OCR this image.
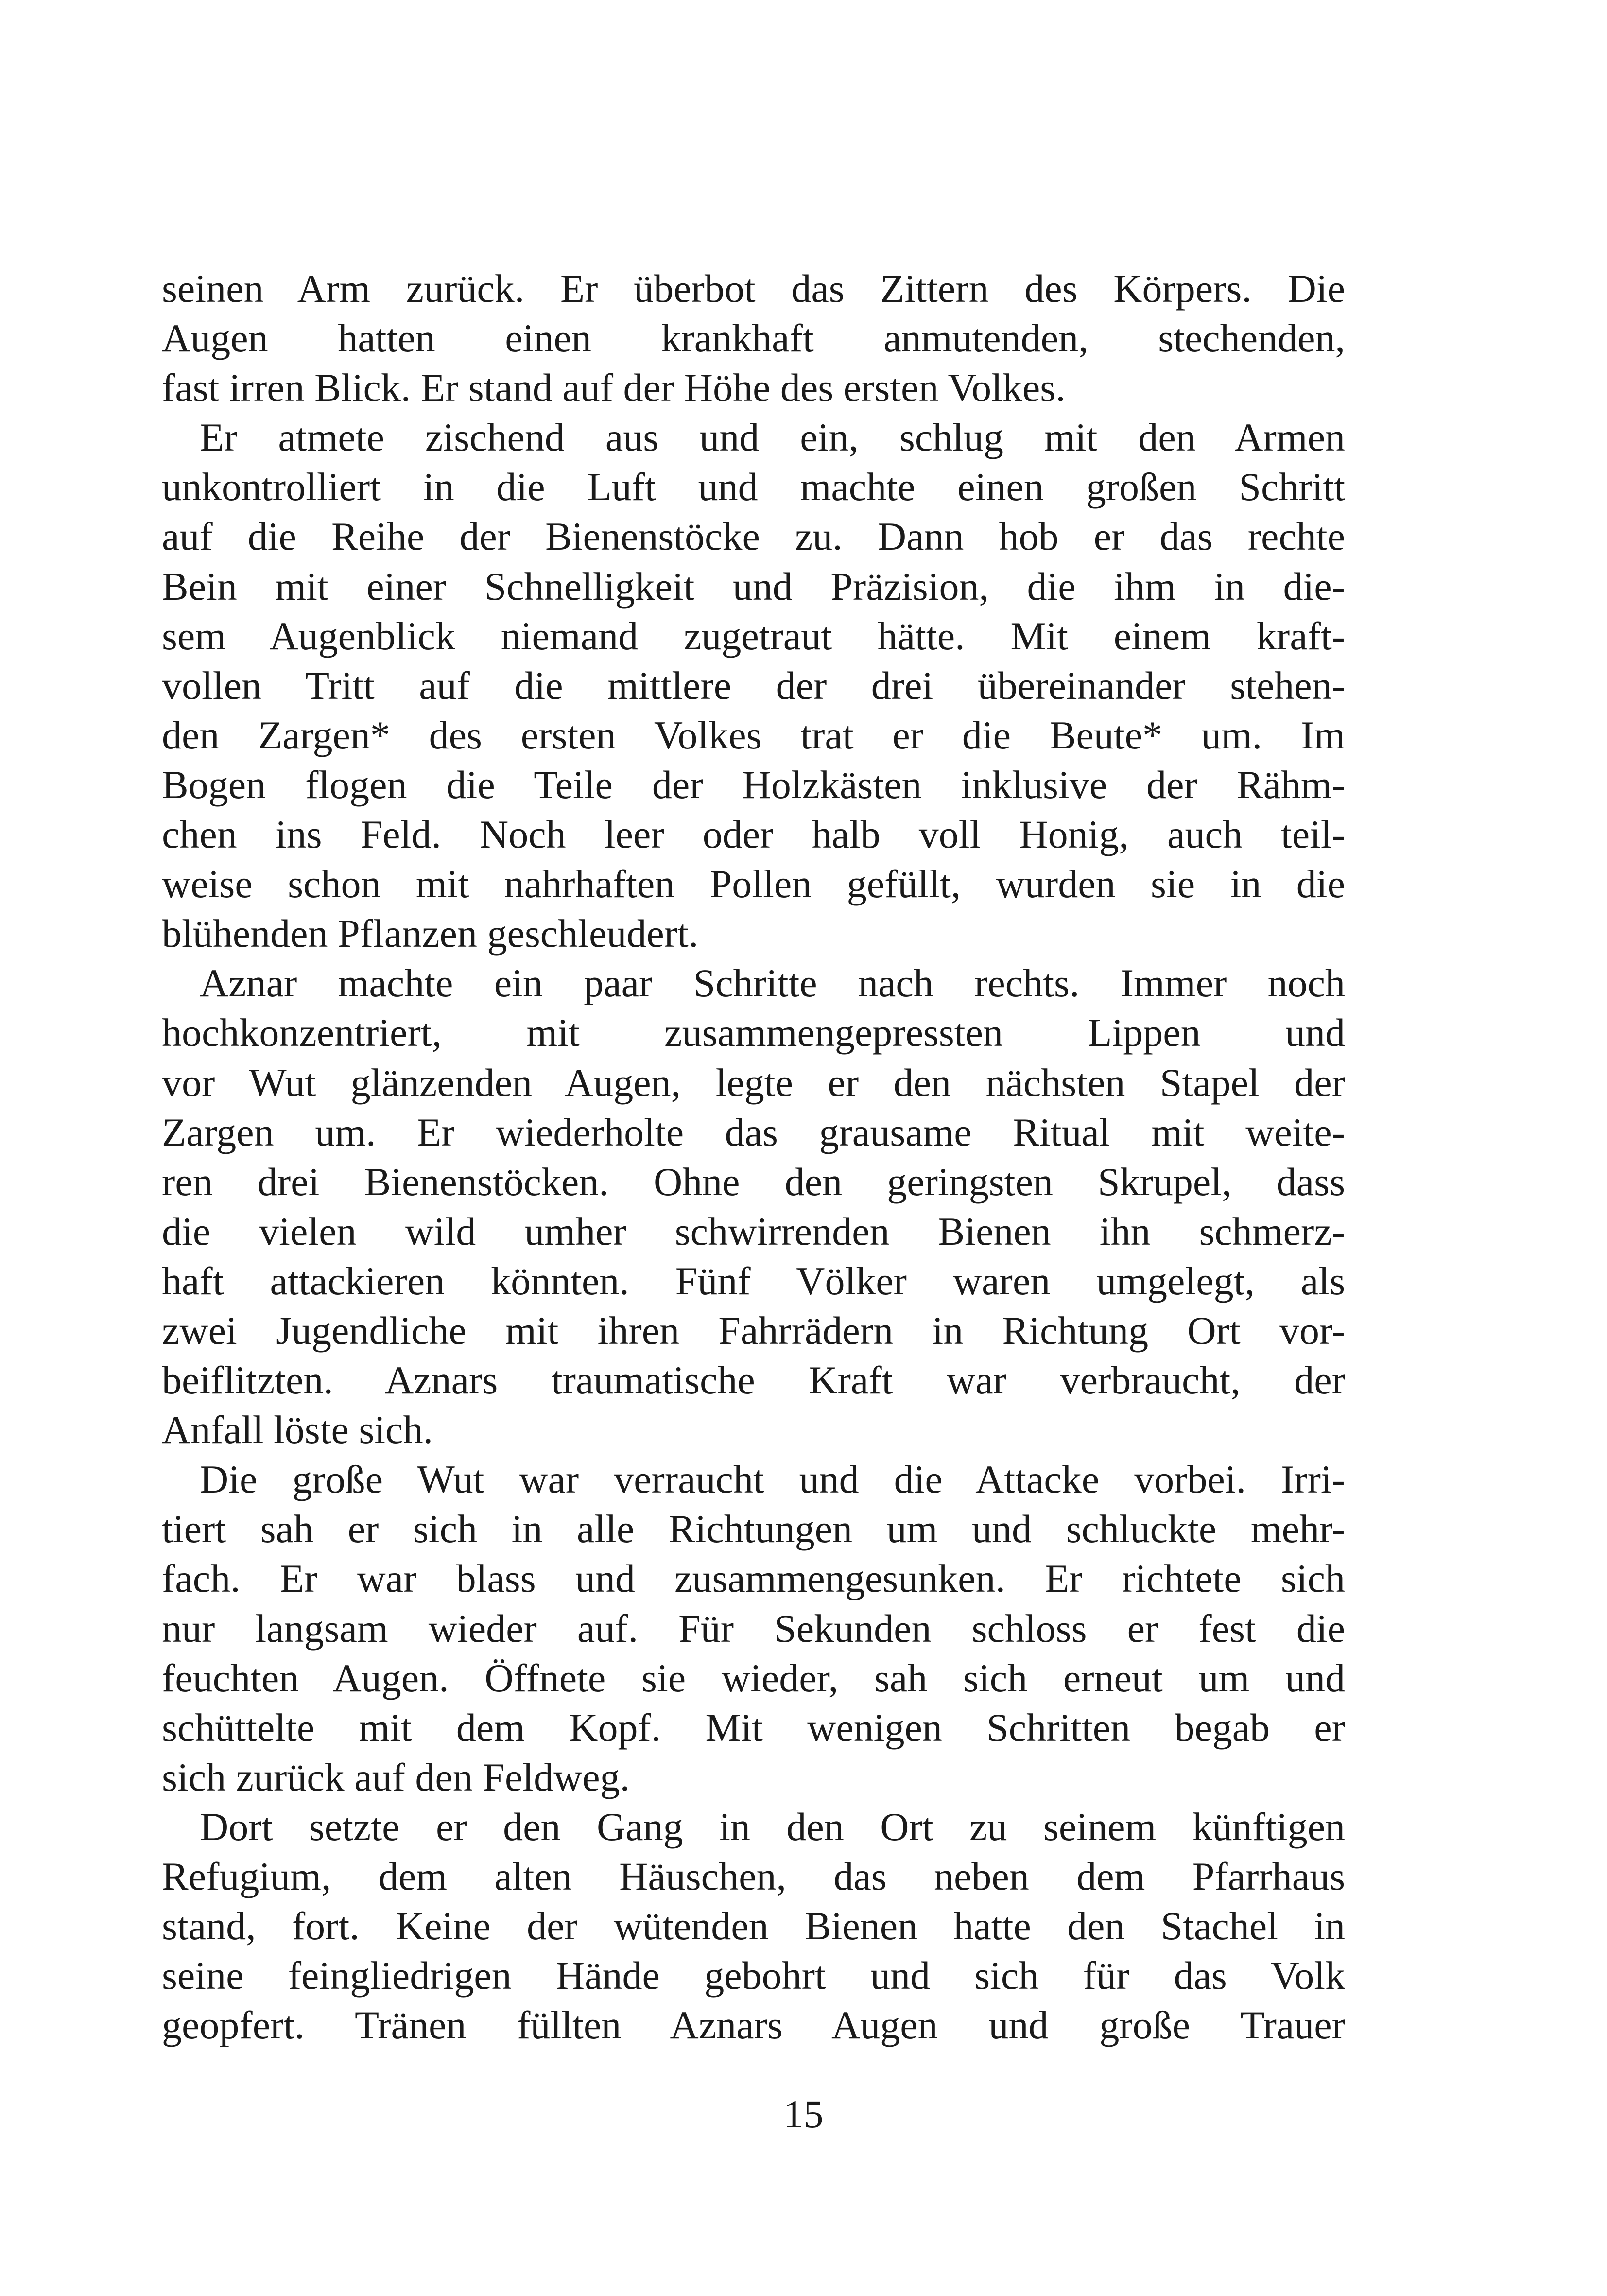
seinen Arm zurück. Er überbot das Zittern des Körpers. Die
Augen hatten einen krankhaft anmutenden, stechenden,
fast irren Blick. Er stand auf der Höhe des ersten Volkes.
Er atmete zischend aus und ein, schlug mit den Armen
unkontrolliert in die Luft und machte einen großen Schritt
auf die Reihe der Bienenstöcke zu. Dann hob er das rechte
Bein mit einer Schnelligkeit und Präzision, die ihm in die-
sem Augenblick niemand zugetraut hätte. Mit einem kraft-
vollen Tritt auf die mittlere der drei übereinander stehen-
den Zargen* des ersten Volkes trat er die Beute* um. Im
Bogen flogen die Teile der Holzkästen inklusive der Rähm-
chen ins Feld. Noch leer oder halb voll Honig, auch teil-
weise schon mit nahrhaften Pollen gefüllt, wurden sie in die
blühenden Pflanzen geschleudert.
Aznar machte ein paar Schritte nach rechts. Immer noch
hochkonzentriert, mit zusammengepressten Lippen und
vor Wut glänzenden Augen, legte er den nächsten Stapel der
Zargen um. Er wiederholte das grausame Ritual mit weite-
ren drei Bienenstöcken. Ohne den geringsten Skrupel, dass
die vielen wild umher schwirrenden Bienen ihn schmerz-
haft attackieren könnten. Fünf Völker waren umgelegt, als
zwei Jugendliche mit ihren Fahrrädern in Richtung Ort vor-
beiflitzten. Aznars traumatische Kraft war verbraucht, der
Anfall löste sich.
Die große Wut war verraucht und die Attacke vorbei. Irri-
tiert sah er sich in alle Richtungen um und schluckte mehr-
fach. Er war blass und zusammengesunken. Er richtete sich
nur langsam wieder auf. Für Sekunden schloss er fest die
feuchten Augen. Öffnete sie wieder, sah sich erneut um und
schüttelte mit dem Kopf. Mit wenigen Schritten begab er
sich zurück auf den Feldweg.
Dort setzte er den Gang in den Ort zu seinem künftigen
Refugium, dem alten Häuschen, das neben dem Pfarrhaus
stand, fort. Keine der wütenden Bienen hatte den Stachel in
seine feingliedrigen Hände gebohrt und sich für das Volk
geopfert. Tränen füllten Aznars Augen und große Trauer
15
